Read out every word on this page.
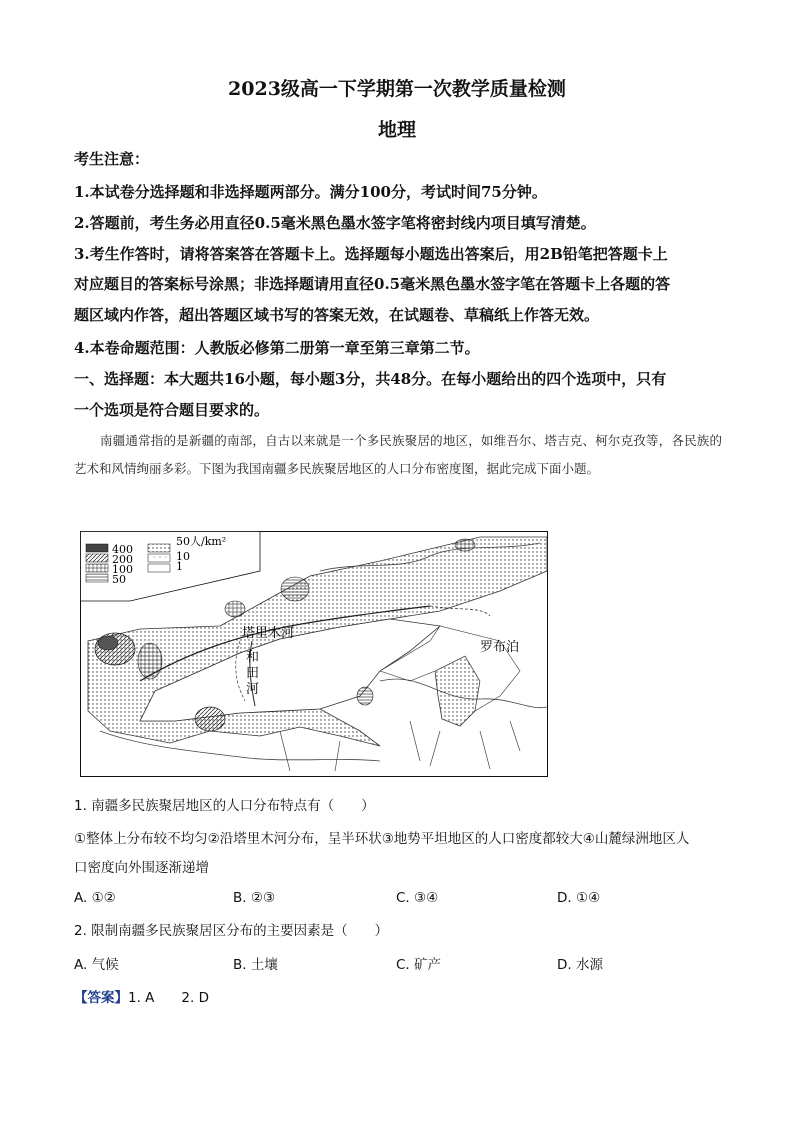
2023级高一下学期第一次教学质量检测
地理
考生注意：
1.本试卷分选择题和非选择题两部分。满分100分，考试时间75分钟。
2.答题前，考生务必用直径0.5毫米黑色墨水签字笔将密封线内项目填写清楚。
3.考生作答时，请将答案答在答题卡上。选择题每小题选出答案后，用2B铅笔把答题卡上
对应题目的答案标号涂黑；非选择题请用直径0.5毫米黑色墨水签字笔在答题卡上各题的答
题区域内作答，超出答题区域书写的答案无效，在试题卷、草稿纸上作答无效。
4.本卷命题范围：人教版必修第二册第一章至第三章第二节。
一、选择题：本大题共16小题，每小题3分，共48分。在每小题给出的四个选项中，只有
一个选项是符合题目要求的。
南疆通常指的是新疆的南部，自古以来就是一个多民族聚居的地区，如维吾尔、塔吉克、柯尔克孜等，各民族的艺术和风情绚丽多彩。下图为我国南疆多民族聚居地区的人口分布密度图，据此完成下面小题。
塔里木河
和
田
河
罗布泊
400
200
100
50
50人/km²
10
1
1. 南疆多民族聚居地区的人口分布特点有（　　）
①整体上分布较不均匀②沿塔里木河分布，呈半环状③地势平坦地区的人口密度都较大④山麓绿洲地区人
口密度向外围逐渐递增
A. ①②	B. ②③	C. ③④	D. ①④
2. 限制南疆多民族聚居区分布的主要因素是（　　）
A. 气候	B. 土壤	C. 矿产	D. 水源
【答案】1. A　　2. D
